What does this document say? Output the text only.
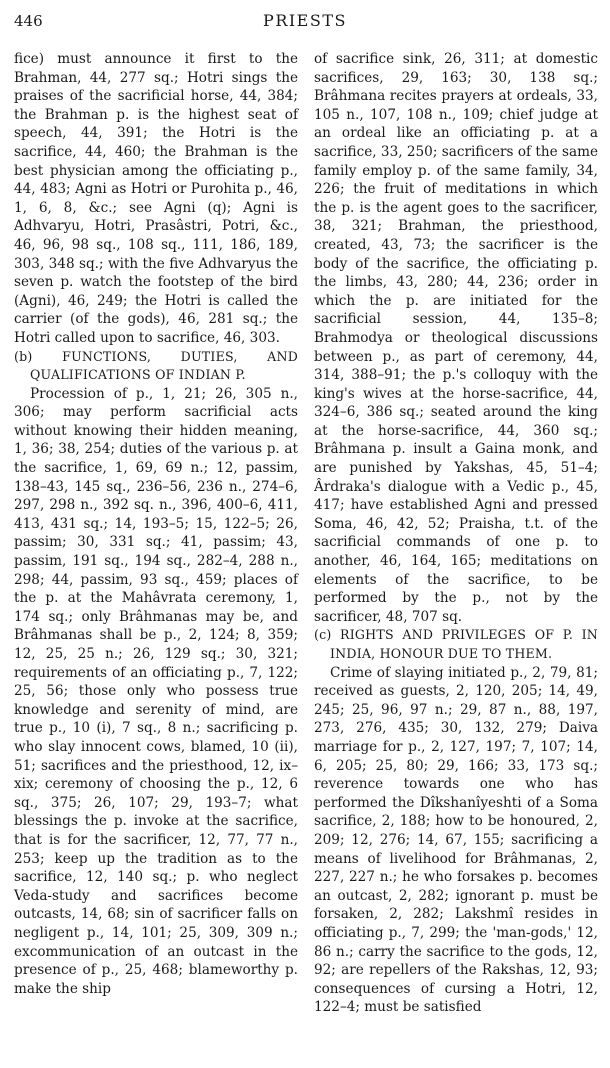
446	PRIESTS

fice) must announce it first to the Brahman, 44, 277 sq.; Hotri sings the praises of the sacrificial horse, 44, 384; the Brahman p. is the highest seat of speech, 44, 391; the Hotri is the sacrifice, 44, 460; the Brahman is the best physician among the officiating p., 44, 483; Agni as Hotri or Purohita p., 46, 1, 6, 8, &c.; see Agni (q); Agni is Adhvaryu, Hotri, Prasâstri, Potri, &c., 46, 96, 98 sq., 108 sq., 111, 186, 189, 303, 348 sq.; with the five Adhvaryus the seven p. watch the footstep of the bird (Agni), 46, 249; the Hotri is called the carrier (of the gods), 46, 281 sq.; the Hotri called upon to sacrifice, 46, 303.

(b) FUNCTIONS, DUTIES, AND QUALIFICATIONS OF INDIAN P.

Procession of p., 1, 21; 26, 305 n., 306; may perform sacrificial acts without knowing their hidden meaning, 1, 36; 38, 254; duties of the various p. at the sacrifice, 1, 69, 69 n.; 12, passim, 138–43, 145 sq., 236–56, 236 n., 274–6, 297, 298 n., 392 sq. n., 396, 400–6, 411, 413, 431 sq.; 14, 193–5; 15, 122–5; 26, passim; 30, 331 sq.; 41, passim; 43, passim, 191 sq., 194 sq., 282–4, 288 n., 298; 44, passim, 93 sq., 459; places of the p. at the Mahâvrata ceremony, 1, 174 sq.; only Brâhmanas may be, and Brâhmanas shall be p., 2, 124; 8, 359; 12, 25, 25 n.; 26, 129 sq.; 30, 321; requirements of an officiating p., 7, 122; 25, 56; those only who possess true knowledge and serenity of mind, are true p., 10 (i), 7 sq., 8 n.; sacrificing p. who slay innocent cows, blamed, 10 (ii), 51; sacrifices and the priesthood, 12, ix–xix; ceremony of choosing the p., 12, 6 sq., 375; 26, 107; 29, 193–7; what blessings the p. invoke at the sacrifice, that is for the sacrificer, 12, 77, 77 n., 253; keep up the tradition as to the sacrifice, 12, 140 sq.; p. who neglect Veda-study and sacrifices become outcasts, 14, 68; sin of sacrificer falls on negligent p., 14, 101; 25, 309, 309 n.; excommunication of an outcast in the presence of p., 25, 468; blameworthy p. make the ship

of sacrifice sink, 26, 311; at domestic sacrifices, 29, 163; 30, 138 sq.; Brâhmana recites prayers at ordeals, 33, 105 n., 107, 108 n., 109; chief judge at an ordeal like an officiating p. at a sacrifice, 33, 250; sacrificers of the same family employ p. of the same family, 34, 226; the fruit of meditations in which the p. is the agent goes to the sacrificer, 38, 321; Brahman, the priesthood, created, 43, 73; the sacrificer is the body of the sacrifice, the officiating p. the limbs, 43, 280; 44, 236; order in which the p. are initiated for the sacrificial session, 44, 135–8; Brahmodya or theological discussions between p., as part of ceremony, 44, 314, 388–91; the p.'s colloquy with the king's wives at the horse-sacrifice, 44, 324–6, 386 sq.; seated around the king at the horse-sacrifice, 44, 360 sq.; Brâhmana p. insult a Gaina monk, and are punished by Yakshas, 45, 51–4; Ârdraka's dialogue with a Vedic p., 45, 417; have established Agni and pressed Soma, 46, 42, 52; Praisha, t.t. of the sacrificial commands of one p. to another, 46, 164, 165; meditations on elements of the sacrifice, to be performed by the p., not by the sacrificer, 48, 707 sq.

(c) RIGHTS AND PRIVILEGES OF P. IN INDIA, HONOUR DUE TO THEM.

Crime of slaying initiated p., 2, 79, 81; received as guests, 2, 120, 205; 14, 49, 245; 25, 96, 97 n.; 29, 87 n., 88, 197, 273, 276, 435; 30, 132, 279; Daiva marriage for p., 2, 127, 197; 7, 107; 14, 6, 205; 25, 80; 29, 166; 33, 173 sq.; reverence towards one who has performed the Dîkshanîyeshti of a Soma sacrifice, 2, 188; how to be honoured, 2, 209; 12, 276; 14, 67, 155; sacrificing a means of livelihood for Brâhmanas, 2, 227, 227 n.; he who forsakes p. becomes an outcast, 2, 282; ignorant p. must be forsaken, 2, 282; Lakshmî resides in officiating p., 7, 299; the 'man-gods,' 12, 86 n.; carry the sacrifice to the gods, 12, 92; are repellers of the Rakshas, 12, 93; consequences of cursing a Hotri, 12, 122–4; must be satisfied
